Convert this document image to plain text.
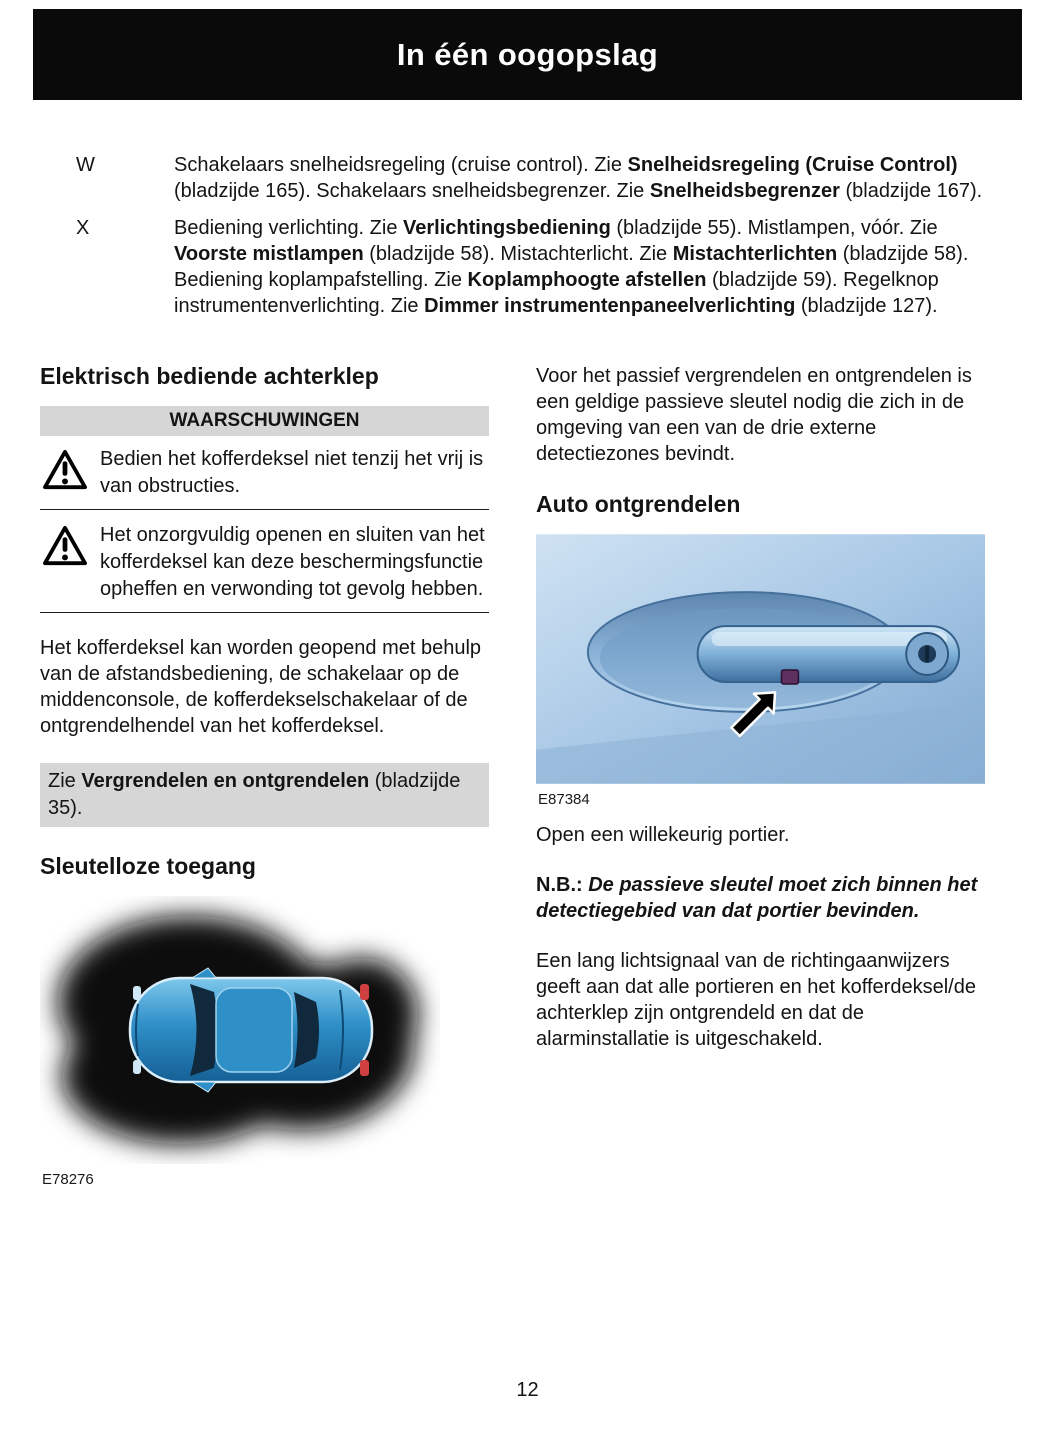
In één oogopslag
W	Schakelaars snelheidsregeling (cruise control). Zie Snelheidsregeling (Cruise Control) (bladzijde 165). Schakelaars snelheidsbegrenzer. Zie Snelheidsbegrenzer (bladzijde 167).

X	Bediening verlichting. Zie Verlichtingsbediening (bladzijde 55). Mistlampen, vóór. Zie Voorste mistlampen (bladzijde 58). Mistachterlicht. Zie Mistachterlichten (bladzijde 58). Bediening koplampafstelling. Zie Koplamphoogte afstellen (bladzijde 59). Regelknop instrumentenverlichting. Zie Dimmer instrumentenpaneelverlichting (bladzijde 127).

Elektrisch bediende achterklep
WAARSCHUWINGEN
Bedien het kofferdeksel niet tenzij het vrij is van obstructies.
Het onzorgvuldig openen en sluiten van het kofferdeksel kan deze beschermingsfunctie opheffen en verwonding tot gevolg hebben.

Het kofferdeksel kan worden geopend met behulp van de afstandsbediening, de schakelaar op de middenconsole, de kofferdekselschakelaar of de ontgrendelhendel van het kofferdeksel.

Zie Vergrendelen en ontgrendelen (bladzijde 35).
Sleutelloze toegang
E78276

Voor het passief vergrendelen en ontgrendelen is een geldige passieve sleutel nodig die zich in de omgeving van een van de drie externe detectiezones bevindt.

Auto ontgrendelen
E87384

Open een willekeurig portier.

N.B.: De passieve sleutel moet zich binnen het detectiegebied van dat portier bevinden.

Een lang lichtsignaal van de richtingaanwijzers geeft aan dat alle portieren en het kofferdeksel/de achterklep zijn ontgrendeld en dat de alarminstallatie is uitgeschakeld.

12
